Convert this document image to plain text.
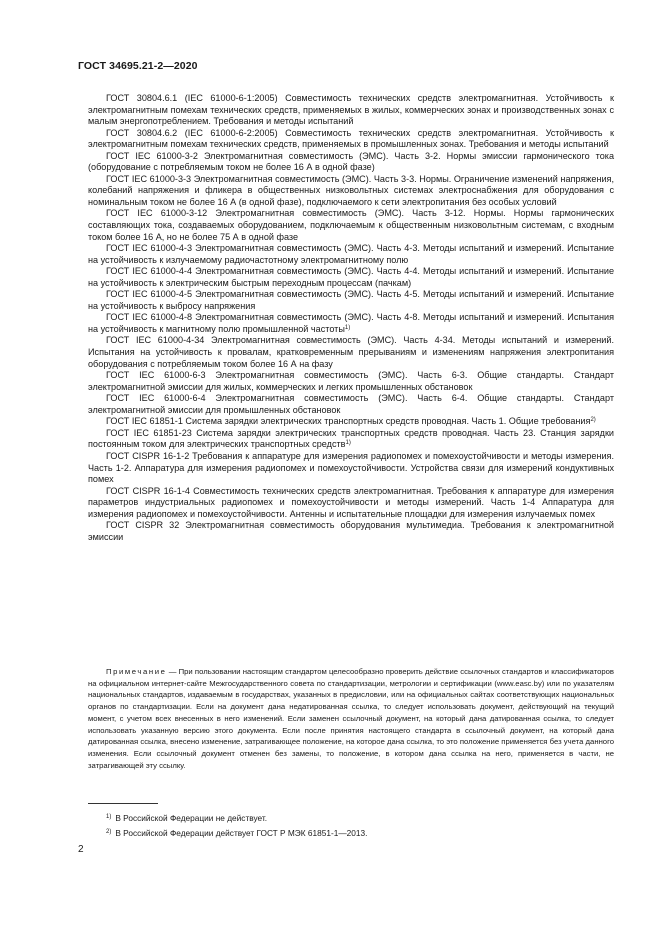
ГОСТ 34695.21-2—2020

ГОСТ 30804.6.1 (IEC 61000-6-1:2005) Совместимость технических средств электромагнитная. Устойчивость к электромагнитным помехам технических средств, применяемых в жилых, коммерческих зонах и производственных зонах с малым энергопотреблением. Требования и методы испытаний

ГОСТ 30804.6.2 (IEC 61000-6-2:2005) Совместимость технических средств электромагнитная. Устойчивость к электромагнитным помехам технических средств, применяемых в промышленных зонах. Требования и методы испытаний

ГОСТ IEC 61000-3-2 Электромагнитная совместимость (ЭМС). Часть 3-2. Нормы эмиссии гармонического тока (оборудование с потребляемым током не более 16 А в одной фазе)

ГОСТ IEC 61000-3-3 Электромагнитная совместимость (ЭМС). Часть 3-3. Нормы. Ограничение изменений напряжения, колебаний напряжения и фликера в общественных низковольтных системах электроснабжения для оборудования с номинальным током не более 16 А (в одной фазе), подключаемого к сети электропитания без особых условий

ГОСТ IEC 61000-3-12 Электромагнитная совместимость (ЭМС). Часть 3-12. Нормы. Нормы гармонических составляющих тока, создаваемых оборудованием, подключаемым к общественным низковольтным системам, с входным током более 16 А, но не более 75 А в одной фазе

ГОСТ IEC 61000-4-3 Электромагнитная совместимость (ЭМС). Часть 4-3. Методы испытаний и измерений. Испытание на устойчивость к излучаемому радиочастотному электромагнитному полю

ГОСТ IEC 61000-4-4 Электромагнитная совместимость (ЭМС). Часть 4-4. Методы испытаний и измерений. Испытание на устойчивость к электрическим быстрым переходным процессам (пачкам)

ГОСТ IEC 61000-4-5 Электромагнитная совместимость (ЭМС). Часть 4-5. Методы испытаний и измерений. Испытание на устойчивость к выбросу напряжения

ГОСТ IEC 61000-4-8 Электромагнитная совместимость (ЭМС). Часть 4-8. Методы испытаний и измерений. Испытания на устойчивость к магнитному полю промышленной частоты$^{1)}$

ГОСТ IEC 61000-4-34 Электромагнитная совместимость (ЭМС). Часть 4-34. Методы испытаний и измерений. Испытания на устойчивость к провалам, кратковременным прерываниям и изменениям напряжения электропитания оборудования с потребляемым током более 16 А на фазу

ГОСТ IEC 61000-6-3 Электромагнитная совместимость (ЭМС). Часть 6-3. Общие стандарты. Стандарт электромагнитной эмиссии для жилых, коммерческих и легких промышленных обстановок

ГОСТ IEC 61000-6-4 Электромагнитная совместимость (ЭМС). Часть 6-4. Общие стандарты. Стандарт электромагнитной эмиссии для промышленных обстановок

ГОСТ IEC 61851-1 Система зарядки электрических транспортных средств проводная. Часть 1. Общие требования$^{2)}$

ГОСТ IEC 61851-23 Система зарядки электрических транспортных средств проводная. Часть 23. Станция зарядки постоянным током для электрических транспортных средств$^{1)}$

ГОСТ CISPR 16-1-2 Требования к аппаратуре для измерения радиопомех и помехоустойчивости и методы измерения. Часть 1-2. Аппаратура для измерения радиопомех и помехоустойчивости. Устройства связи для измерений кондуктивных помех

ГОСТ CISPR 16-1-4 Совместимость технических средств электромагнитная. Требования к аппаратуре для измерения параметров индустриальных радиопомех и помехоустойчивости и методы измерений. Часть 1-4 Аппаратура для измерения радиопомех и помехоустойчивости. Антенны и испытательные площадки для измерения излучаемых помех

ГОСТ CISPR 32 Электромагнитная совместимость оборудования мультимедиа. Требования к электромагнитной эмиссии

Примечание — При пользовании настоящим стандартом целесообразно проверить действие ссылочных стандартов и классификаторов на официальном интернет-сайте Межгосударственного совета по стандартизации, метрологии и сертификации (www.easc.by) или по указателям национальных стандартов, издаваемым в государствах, указанных в предисловии, или на официальных сайтах соответствующих национальных органов по стандартизации. Если на документ дана недатированная ссылка, то следует использовать документ, действующий на текущий момент, с учетом всех внесенных в него изменений. Если заменен ссылочный документ, на который дана датированная ссылка, то следует использовать указанную версию этого документа. Если после принятия настоящего стандарта в ссылочный документ, на который дана датированная ссылка, внесено изменение, затрагивающее положение, на которое дана ссылка, то это положение применяется без учета данного изменения. Если ссылочный документ отменен без замены, то положение, в котором дана ссылка на него, применяется в части, не затрагивающей эту ссылку.
$^{1)}$ В Российской Федерации не действует.
$^{2)}$ В Российской Федерации действует ГОСТ Р МЭК 61851-1—2013.
2
